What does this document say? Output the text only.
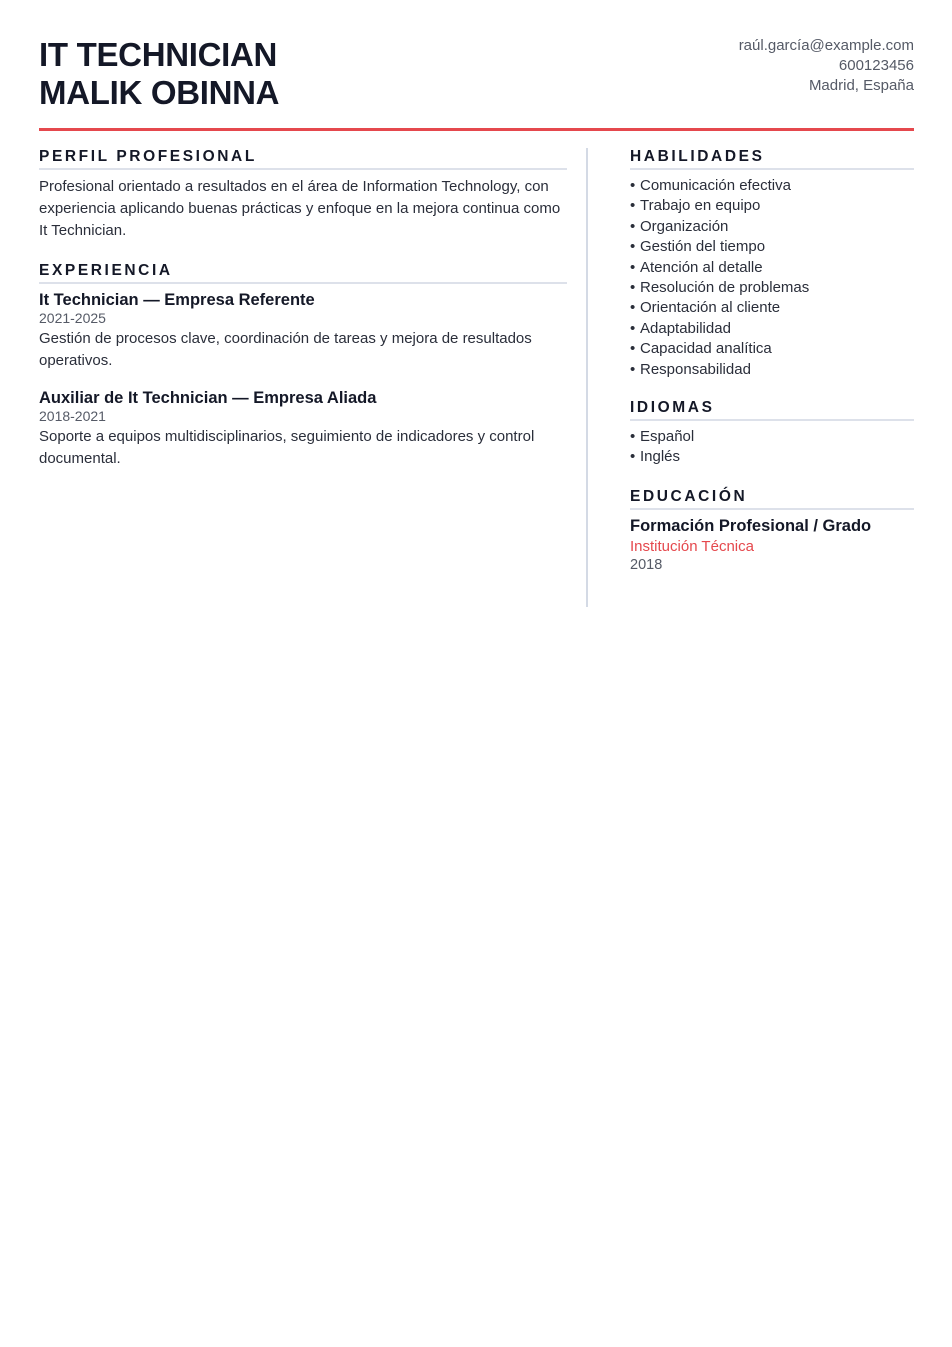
IT TECHNICIAN
MALIK OBINNA
raúl.garcía@example.com
600123456
Madrid, España
PERFIL PROFESIONAL

Profesional orientado a resultados en el área de Information Technology, con experiencia aplicando buenas prácticas y enfoque en la mejora continua como It Technician.

EXPERIENCIA
It Technician — Empresa Referente
2021-2025
Gestión de procesos clave, coordinación de tareas y mejora de resultados operativos.
Auxiliar de It Technician — Empresa Aliada
2018-2021
Soporte a equipos multidisciplinarios, seguimiento de indicadores y control documental.
HABILIDADES
• Comunicación efectiva
• Trabajo en equipo
• Organización
• Gestión del tiempo
• Atención al detalle
• Resolución de problemas
• Orientación al cliente
• Adaptabilidad
• Capacidad analítica
• Responsabilidad
IDIOMAS
• Español
• Inglés
EDUCACIÓN
Formación Profesional / Grado
Institución Técnica
2018
